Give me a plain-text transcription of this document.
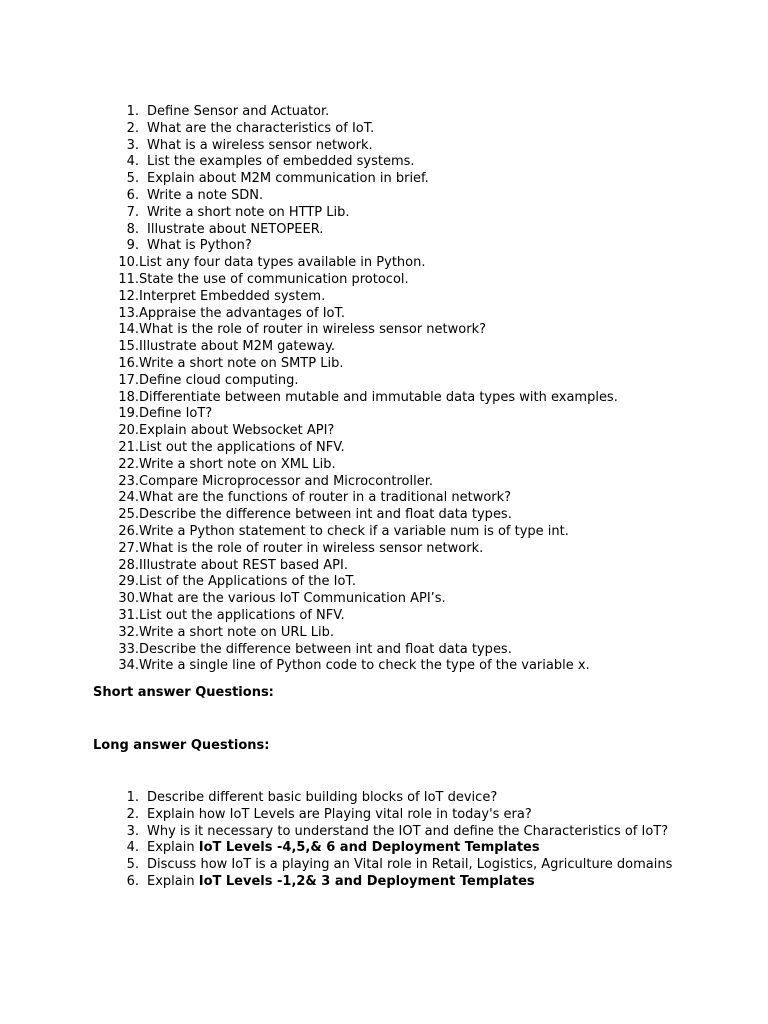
1. Define Sensor and Actuator.
2. What are the characteristics of IoT.
3. What is a wireless sensor network.
4. List the examples of embedded systems.
5. Explain about M2M communication in brief.
6. Write a note SDN.
7. Write a short note on HTTP Lib.
8. Illustrate about NETOPEER.
9. What is Python?
10. List any four data types available in Python.
11. State the use of communication protocol.
12. Interpret Embedded system.
13. Appraise the advantages of IoT.
14. What is the role of router in wireless sensor network?
15. Illustrate about M2M gateway.
16. Write a short note on SMTP Lib.
17. Define cloud computing.
18. Differentiate between mutable and immutable data types with examples.
19. Define IoT?
20. Explain about Websocket API?
21. List out the applications of NFV.
22. Write a short note on XML Lib.
23. Compare Microprocessor and Microcontroller.
24. What are the functions of router in a traditional network?
25. Describe the difference between int and float data types.
26. Write a Python statement to check if a variable num is of type int.
27. What is the role of router in wireless sensor network.
28. Illustrate about REST based API.
29. List of the Applications of the IoT.
30. What are the various IoT Communication API’s.
31. List out the applications of NFV.
32. Write a short note on URL Lib.
33. Describe the difference between int and float data types.
34. Write a single line of Python code to check the type of the variable x.

Short answer Questions:

Long answer Questions:

1. Describe different basic building blocks of IoT device?
2. Explain how IoT Levels are Playing vital role in today's era?
3. Why is it necessary to understand the IOT and define the Characteristics of IoT?
4. Explain IoT Levels -4,5,& 6 and Deployment Templates
5. Discuss how IoT is a playing an Vital role in Retail, Logistics, Agriculture domains
6. Explain IoT Levels -1,2& 3 and Deployment Templates
